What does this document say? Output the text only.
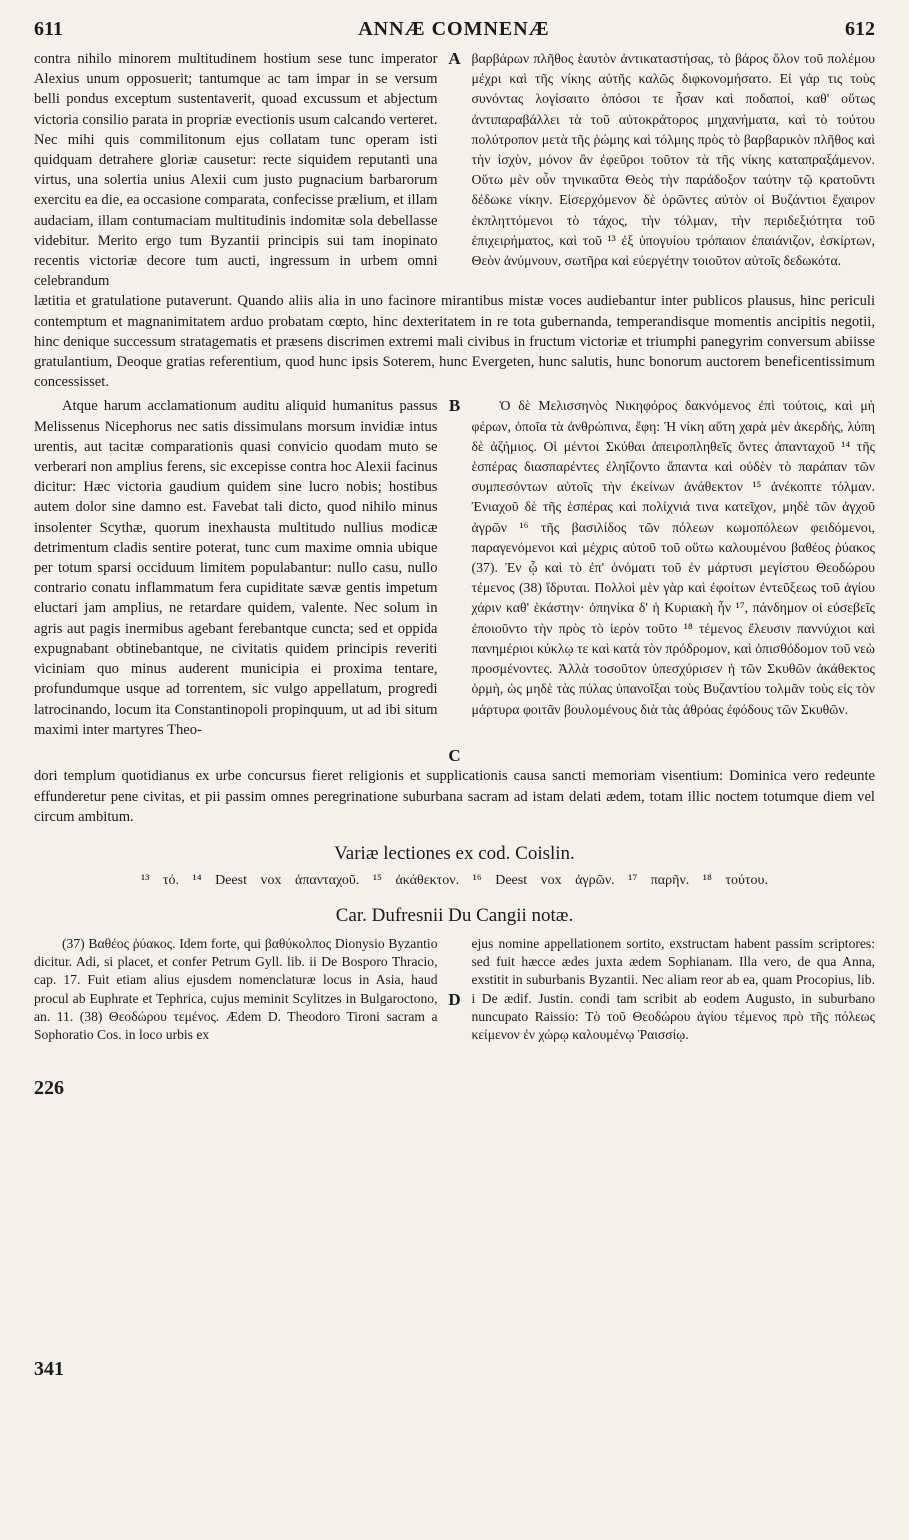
611	ANNÆ COMNENÆ	612

contra nihilo minorem multitudinem hostium sese tunc imperator Alexius unum opposuerit; tantumque ac tam impar in se versum belli pondus exceptum sustentaverit, quoad excussum et abjectum victoria consilio parata in propriæ evectionis usum calcando verteret. Nec mihi quis commilitonum ejus collatam tunc operam isti quidquam detrahere gloriæ causetur: recte siquidem reputanti una virtus, una solertia unius Alexii cum justo pugnacium barbarorum exercitu ea die, ea occasione comparata, confecisse prælium, et illam audaciam, illam contumaciam multitudinis indomitæ sola debellasse videbitur. Merito ergo tum Byzantii principis sui tam inopinato recentis victoriæ decore tum aucti, ingressum in urbem omni celebrandum

A βαρβάρων πλῆθος ἑαυτὸν ἀντικαταστήσας, τὸ βάρος ὅλον τοῦ πολέμου μέχρι καὶ τῆς νίκης αὐτῆς καλῶς διφκονομήσατο. Εἰ γάρ τις τοὺς συνόντας λογίσαιτο ὁπόσοι τε ἦσαν καὶ ποδαποί, καθ' οὕτως ἀντιπαραβάλλει τὰ τοῦ αὐτοκράτορος μηχανήματα, καὶ τὸ τούτου πολύτροπον μετὰ τῆς ῥώμης καὶ τόλμης πρὸς τὸ βαρβαρικὸν πλῆθος καὶ τὴν ἰσχὺν, μόνον ἂν ἐφεῦροι τοῦτον τὰ τῆς νίκης καταπραξάμενον. Οὕτω μὲν οὖν τηνικαῦτα Θεὸς τὴν παράδοξον ταύτην τῷ κρατοῦντι δέδωκε νίκην. Εἰσερχόμενον δὲ ὁρῶντες αὐτὸν οἱ Βυζάντιοι ἔχαιρον ἐκπληττόμενοι τὸ τάχος, τὴν τόλμαν, τὴν περιδεξιότητα τοῦ ἐπιχειρήματος, καὶ τοῦ ¹³ ἐξ ὑπογυίου τρόπαιον ἐπαιάνιζον, ἐσκίρτων, Θεὸν ἀνύμνουν, σωτῆρα καὶ εὐεργέτην τοιοῦτον αὐτοῖς δεδωκότα.

lætitia et gratulatione putaverunt. Quando aliis alia in uno facinore mirantibus mistæ voces audiebantur inter publicos plausus, hinc periculi contemptum et magnanimitatem arduo probatam cœpto, hinc dexteritatem in re tota gubernanda, temperandisque momentis ancipitis negotii, hinc denique successum stratagematis et præsens discrimen extremi mali civibus in fructum victoriæ et triumphi panegyrim conversum abiisse gratulantium, Deoque gratias referentium, quod hunc ipsis Soterem, hunc Evergeten, hunc salutis, hunc bonorum auctorem beneficentissimum concessisset.

Atque harum acclamationum auditu aliquid humanitus passus Melissenus Nicephorus nec satis dissimulans morsum invidiæ intus urentis, aut tacitæ comparationis quasi convicio quodam muto se verberari non amplius ferens, sic excepisse contra hoc Alexii facinus dicitur: Hæc victoria gaudium quidem sine lucro nobis; hostibus autem dolor sine damno est. Favebat tali dicto, quod nihilo minus insolenter Scythæ, quorum inexhausta multitudo nullius modicæ detrimentum cladis sentire poterat, tunc cum maxime omnia ubique per totum sparsi occiduum limitem populabantur: nullo casu, nullo contrario conatu inflammatum fera cupiditate sævæ gentis impetum eluctari jam amplius, ne retardare quidem, valente. Nec solum in agris aut pagis inermibus agebant ferebantque cuncta; sed et oppida expugnabant obtinebantque, ne civitatis quidem principis reveriti viciniam quo minus auderent municipia ei proxima tentare, profundumque usque ad torrentem, sic vulgo appellatum, progredi latrocinando, locum ita Constantinopoli propinquum, ut ad ibi situm maximi inter martyres Theo-

B
C

Ὁ δὲ Μελισσηνὸς Νικηφόρος δακνόμενος ἐπὶ τούτοις, καὶ μὴ φέρων, ὁποῖα τὰ ἀνθρώπινα, ἔφη: Ἡ νίκη αὕτη χαρὰ μὲν ἀκερδής, λύπη δὲ ἀζήμιος. Οἱ μέντοι Σκύθαι ἀπειροπληθεῖς ὄντες ἁπανταχοῦ ¹⁴ τῆς ἑσπέρας διασπαρέντες ἐληΐζοντο ἅπαντα καὶ οὐδὲν τὸ παράπαν τῶν συμπεσόντων αὐτοῖς τὴν ἐκείνων ἀνάθεκτον ¹⁵ ἀνέκοπτε τόλμαν. Ἐνιαχοῦ δὲ τῆς ἑσπέρας καὶ πολίχνιά τινα κατεῖχον, μηδὲ τῶν ἀγχοῦ ἀγρῶν ¹⁶ τῆς βασιλίδος τῶν πόλεων κωμοπόλεων φειδόμενοι, παραγενόμενοι καὶ μέχρις αὐτοῦ τοῦ οὕτω καλουμένου βαθέος ῥύακος (37). Ἐν ᾧ καὶ τὸ ἐπ' ὀνόματι τοῦ ἐν μάρτυσι μεγίστου Θεοδώρου τέμενος (38) ἵδρυται. Πολλοὶ μὲν γὰρ καὶ ἐφοίτων ἐντεῦξεως τοῦ ἁγίου χάριν καθ' ἑκάστην· ὁπηνίκα δ' ἡ Κυριακὴ ἦν ¹⁷, πάνδημον οἱ εὐσεβεῖς ἐποιοῦντο τὴν πρὸς τὸ ἱερὸν τοῦτο ¹⁸ τέμενος ἔλευσιν παννύχιοι καὶ πανημέριοι κύκλῳ τε καὶ κατὰ τὸν πρόδρομον, καὶ ὀπισθόδομον τοῦ νεὼ προσμένοντες. Ἀλλὰ τοσοῦτον ὑπεσχύρισεν ἡ τῶν Σκυθῶν ἀκάθεκτος ὁρμὴ, ὡς μηδὲ τὰς πύλας ὑπανοῖξαι τοὺς Βυζαντίου τολμᾶν τοὺς εἰς τὸν μάρτυρα φοιτᾶν βουλομένους διὰ τὰς ἀθρόας ἐφόδους τῶν Σκυθῶν.

226

dori templum quotidianus ex urbe concursus fieret religionis et supplicationis causa sancti memoriam visentium: Dominica vero redeunte effunderetur pene civitas, et pii passim omnes peregrinatione suburbana sacram ad istam delati ædem, totam illic noctem totumque diem vel circum ambitum.

Variæ lectiones ex cod. Coislin.
¹³ τό. ¹⁴ Deest vox ἁπανταχοῦ. ¹⁵ ἀκάθεκτον. ¹⁶ Deest vox ἀγρῶν. ¹⁷ παρῆν. ¹⁸ τούτου.
Car. Dufresnii Du Cangii notæ.

(37) Βαθέος ῥύακος. Idem forte, qui βαθύκολπος Dionysio Byzantio dicitur. Adi, si placet, et confer Petrum Gyll. lib. ii De Bosporo Thracio, cap. 17. Fuit etiam alius ejusdem nomenclaturæ locus in Asia, haud procul ab Euphrate et Tephrica, cujus meminit Scylitzes in Bulgaroctono, an. 11. (38) Θεοδώρου τεμένος. Ædem D. Theodoro Tironi sacram a Sophoratio Cos. in loco urbis ex

D

ejus nomine appellationem sortito, exstructam habent passim scriptores: sed fuit hæcce ædes juxta ædem Sophianam. Illa vero, de qua Anna, exstitit in suburbanis Byzantii. Nec aliam reor ab ea, quam Procopius, lib. i De ædif. Justin. condi tam scribit ab eodem Augusto, in suburbano nuncupato Raissio: Τὸ τοῦ Θεοδώρου ἁγίου τέμενος πρὸ τῆς πόλεως κείμενον ἐν χώρῳ καλουμένῳ Ῥαισσίῳ.

341
